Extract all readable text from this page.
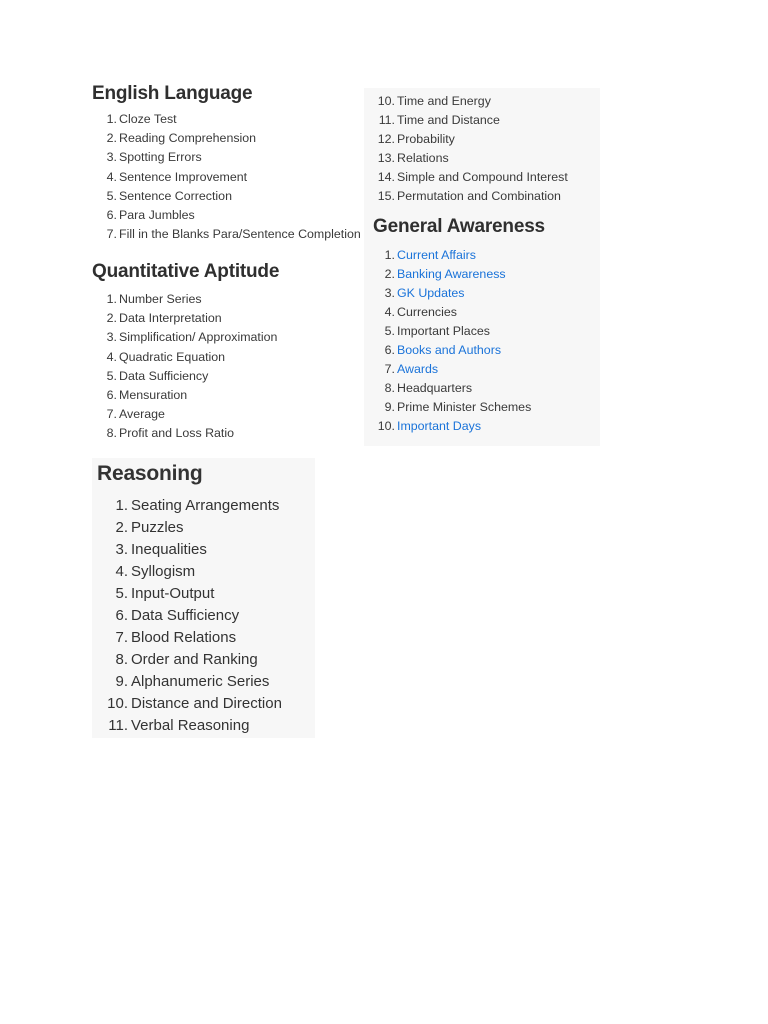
English Language
1. Cloze Test
2. Reading Comprehension
3. Spotting Errors
4. Sentence Improvement
5. Sentence Correction
6. Para Jumbles
7. Fill in the Blanks Para/Sentence Completion
Quantitative Aptitude
1. Number Series
2. Data Interpretation
3. Simplification/ Approximation
4. Quadratic Equation
5. Data Sufficiency
6. Mensuration
7. Average
8. Profit and Loss Ratio
10. Time and Energy
11. Time and Distance
12. Probability
13. Relations
14. Simple and Compound Interest
15. Permutation and Combination
General Awareness
1. Current Affairs
2. Banking Awareness
3. GK Updates
4. Currencies
5. Important Places
6. Books and Authors
7. Awards
8. Headquarters
9. Prime Minister Schemes
10. Important Days
Reasoning
1. Seating Arrangements
2. Puzzles
3. Inequalities
4. Syllogism
5. Input-Output
6. Data Sufficiency
7. Blood Relations
8. Order and Ranking
9. Alphanumeric Series
10. Distance and Direction
11. Verbal Reasoning
